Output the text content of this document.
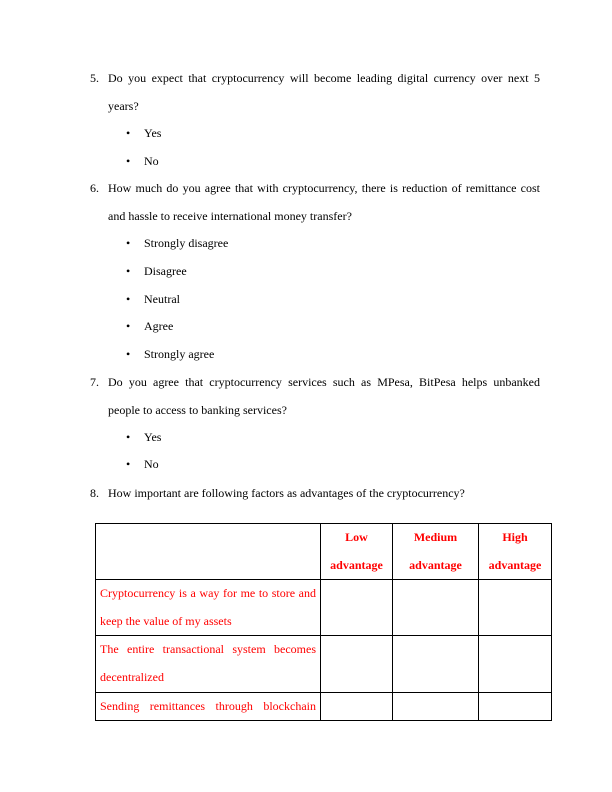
5. Do you expect that cryptocurrency will become leading digital currency over next 5 years?
• Yes
• No
6. How much do you agree that with cryptocurrency, there is reduction of remittance cost and hassle to receive international money transfer?
• Strongly disagree
• Disagree
• Neutral
• Agree
• Strongly agree
7. Do you agree that cryptocurrency services such as MPesa, BitPesa helps unbanked people to access to banking services?
• Yes
• No
8. How important are following factors as advantages of the cryptocurrency?
	Low advantage	Medium advantage	High advantage
Cryptocurrency is a way for me to store and keep the value of my assets			
The entire transactional system becomes decentralized			
Sending remittances through blockchain			
